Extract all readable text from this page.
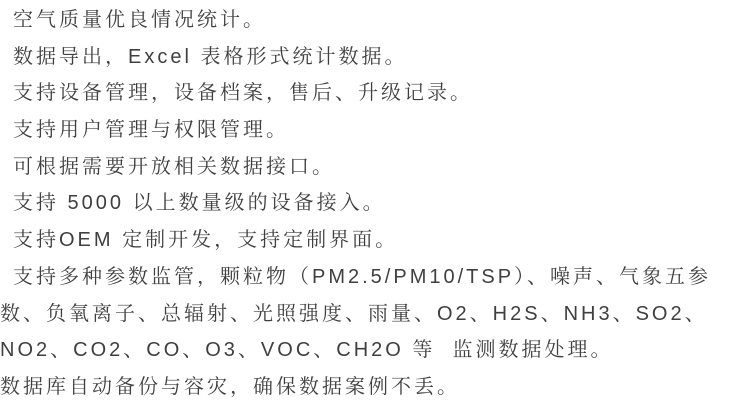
空气质量优良情况统计。
数据导出，Excel 表格形式统计数据。
支持设备管理，设备档案，售后、升级记录。
支持用户管理与权限管理。
可根据需要开放相关数据接口。
支持 5000 以上数量级的设备接入。
支持OEM 定制开发，支持定制界面。
支持多种参数监管，颗粒物（PM2.5/PM10/TSP）、噪声、气象五参
数、负氧离子、总辐射、光照强度、雨量、O2、H2S、NH3、SO2、
NO2、CO2、CO、O3、VOC、CH2O 等  监测数据处理。
数据库自动备份与容灾，确保数据案例不丢。
